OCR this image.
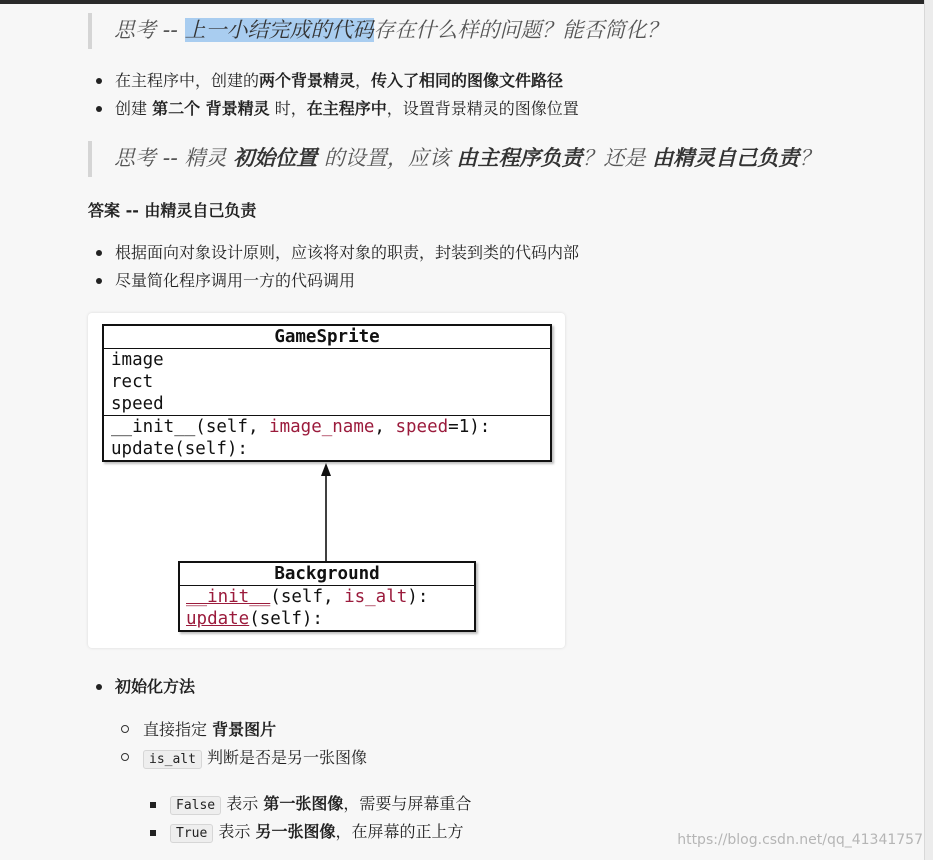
思考 -- 上一小结完成的代码存在什么样的问题？能否简化？
在主程序中，创建的两个背景精灵，传入了相同的图像文件路径
创建 第二个 背景精灵 时，在主程序中，设置背景精灵的图像位置
思考 -- 精灵 初始位置 的设置，应该 由主程序负责？还是 由精灵自己负责？
答案 -- 由精灵自己负责
根据面向对象设计原则，应该将对象的职责，封装到类的代码内部
尽量简化程序调用一方的代码调用
GameSprite
image
rect
speed
__init__(self, image_name, speed=1):
update(self):
Background
__init__(self, is_alt):
update(self):
初始化方法
直接指定 背景图片
is_alt 判断是否是另一张图像
False 表示 第一张图像，需要与屏幕重合
True 表示 另一张图像，在屏幕的正上方	https://blog.csdn.net/qq_41341757
